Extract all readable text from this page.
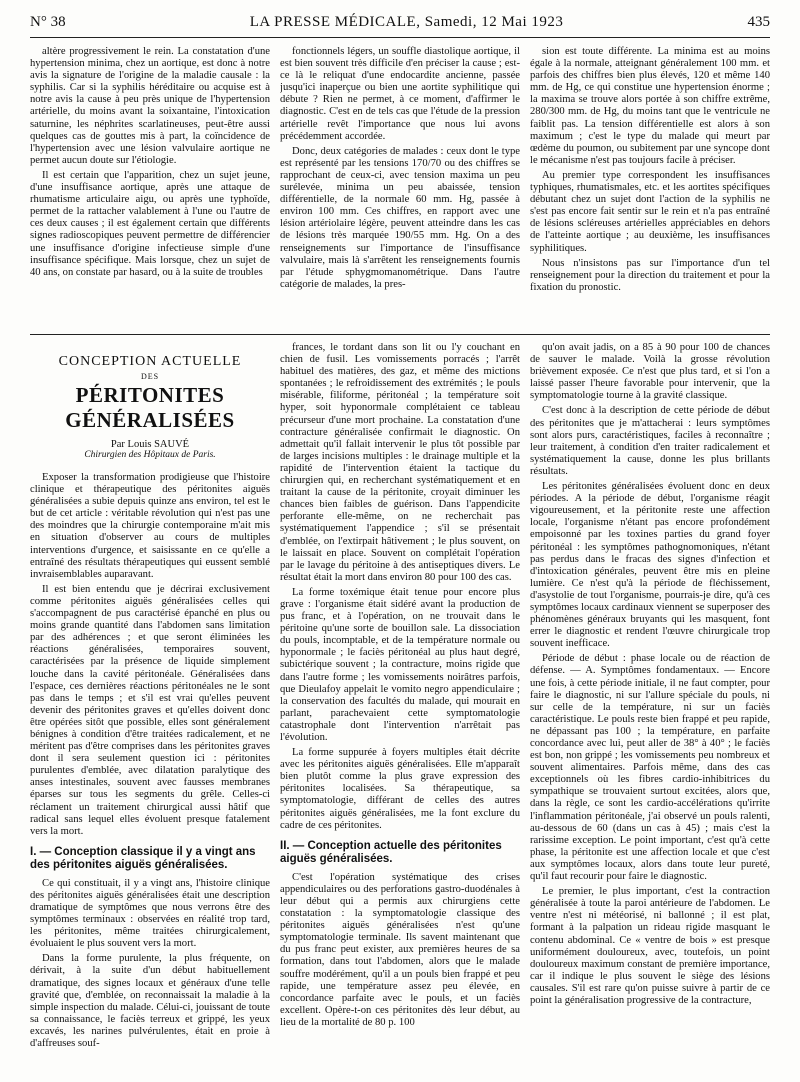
N° 38	LA PRESSE MÉDICALE, Samedi, 12 Mai 1923	435

altère progressivement le rein. La constatation d'une hypertension minima, chez un aortique, est donc à notre avis la signature de l'origine de la maladie causale : la syphilis. Car si la syphilis héréditaire ou acquise est à notre avis la cause à peu près unique de l'hypertension artérielle, du moins avant la soixantaine, l'intoxication saturnine, les néphrites scarlatineuses, peut-être aussi quelques cas de gouttes mis à part, la coïncidence de l'hypertension avec une lésion valvulaire aortique ne permet aucun doute sur l'étiologie.

Il est certain que l'apparition, chez un sujet jeune, d'une insuffisance aortique, après une attaque de rhumatisme articulaire aigu, ou après une typhoïde, permet de la rattacher valablement à l'une ou l'autre de ces deux causes ; il est également certain que différents signes radioscopiques peuvent permettre de différencier une insuffisance d'origine infectieuse simple d'une insuffisance spécifique. Mais lorsque, chez un sujet de 40 ans, on constate par hasard, ou à la suite de troubles

fonctionnels légers, un souffle diastolique aortique, il est bien souvent très difficile d'en préciser la cause ; est-ce là le reliquat d'une endocardite ancienne, passée jusqu'ici inaperçue ou bien une aortite syphilitique qui débute ? Rien ne permet, à ce moment, d'affirmer le diagnostic. C'est en de tels cas que l'étude de la pression artérielle revêt l'importance que nous lui avons précédemment accordée.

Donc, deux catégories de malades : ceux dont le type est représenté par les tensions 170/70 ou des chiffres se rapprochant de ceux-ci, avec tension maxima un peu surélevée, minima un peu abaissée, tension différentielle, de la normale 60 mm. Hg, passée à environ 100 mm. Ces chiffres, en rapport avec une lésion artériolaire légère, peuvent atteindre dans les cas de lésions très marquée 190/55 mm. Hg. On a des renseignements sur l'importance de l'insuffisance valvulaire, mais là s'arrêtent les renseignements fournis par l'étude sphygmomanométrique. Dans l'autre catégorie de malades, la pres-

sion est toute différente. La minima est au moins égale à la normale, atteignant généralement 100 mm. et parfois des chiffres bien plus élevés, 120 et même 140 mm. de Hg, ce qui constitue une hypertension énorme ; la maxima se trouve alors portée à son chiffre extrême, 280/300 mm. de Hg, du moins tant que le ventricule ne faiblit pas. La tension différentielle est alors à son maximum ; c'est le type du malade qui meurt par œdème du poumon, ou subitement par une syncope dont le mécanisme n'est pas toujours facile à préciser.

Au premier type correspondent les insuffisances typhiques, rhumatismales, etc. et les aortites spécifiques débutant chez un sujet dont l'action de la syphilis ne s'est pas encore fait sentir sur le rein et n'a pas entraîné de lésions scléreuses artérielles appréciables en dehors de l'atteinte aortique ; au deuxième, les insuffisances syphilitiques.

Nous n'insistons pas sur l'importance d'un tel renseignement pour la direction du traitement et pour la fixation du pronostic.

CONCEPTION ACTUELLE
DES
PÉRITONITES GÉNÉRALISÉES
Par Louis SAUVÉ
Chirurgien des Hôpitaux de Paris.

Exposer la transformation prodigieuse que l'histoire clinique et thérapeutique des péritonites aiguës généralisées a subie depuis quinze ans environ, tel est le but de cet article : véritable révolution qui n'est pas une des moindres que la chirurgie contemporaine m'ait mis en situation d'observer au cours de multiples interventions d'urgence, et saisissante en ce qu'elle a entraîné des résultats thérapeutiques qui eussent semblé invraisemblables auparavant.

Il est bien entendu que je décrirai exclusivement comme péritonites aiguës généralisées celles qui s'accompagnent de pus caractérisé épanché en plus ou moins grande quantité dans l'abdomen sans limitation par des adhérences ; et que seront éliminées les réactions généralisées, temporaires souvent, caractérisées par la présence de liquide simplement louche dans la cavité péritonéale. Généralisées dans l'espace, ces dernières réactions péritonéales ne le sont pas dans le temps ; et s'il est vrai qu'elles peuvent devenir des péritonites graves et qu'elles doivent donc être opérées sitôt que possible, elles sont généralement bénignes à condition d'être traitées radicalement, et ne méritent pas d'être comprises dans les péritonites graves dont il sera seulement question ici : péritonites purulentes d'emblée, avec dilatation paralytique des anses intestinales, souvent avec fausses membranes éparses sur tous les segments du grêle. Celles-ci réclament un traitement chirurgical aussi hâtif que radical sans lequel elles évoluent presque fatalement vers la mort.

I. — Conception classique il y a vingt ans des péritonites aiguës généralisées.

Ce qui constituait, il y a vingt ans, l'histoire clinique des péritonites aiguës généralisées était une description dramatique de symptômes que nous verrons être des symptômes terminaux : observées en réalité trop tard, les péritonites, même traitées chirurgicalement, évoluaient le plus souvent vers la mort.

Dans la forme purulente, la plus fréquente, on dérivait, à la suite d'un début habituellement dramatique, des signes locaux et généraux d'une telle gravité que, d'emblée, on reconnaissait la maladie à la simple inspection du malade. Célui-ci, jouissant de toute sa connaissance, le faciès terreux et grippé, les yeux excavés, les narines pulvérulentes, était en proie à d'affreuses souf-

frances, le tordant dans son lit ou l'y couchant en chien de fusil. Les vomissements porracés ; l'arrêt habituel des matières, des gaz, et même des mictions spontanées ; le refroidissement des extrémités ; le pouls misérable, filiforme, péritonéal ; la température soit hyper, soit hyponormale complétaient ce tableau précurseur d'une mort prochaine. La constatation d'une contracture généralisée confirmait le diagnostic. On admettait qu'il fallait intervenir le plus tôt possible par de larges incisions multiples : le drainage multiple et la rapidité de l'intervention étaient la tactique du chirurgien qui, en recherchant systématiquement et en traitant la cause de la péritonite, croyait diminuer les chances bien faibles de guérison. Dans l'appendicite perforante elle-même, on ne recherchait pas systématiquement l'appendice ; s'il se présentait d'emblée, on l'extirpait hâtivement ; le plus souvent, on le laissait en place. Souvent on complétait l'opération par le lavage du péritoine à des antiseptiques divers. Le résultat était la mort dans environ 80 pour 100 des cas.

La forme toxémique était tenue pour encore plus grave : l'organisme était sidéré avant la production de pus franc, et à l'opération, on ne trouvait dans le péritoine qu'une sorte de bouillon sale. La dissociation du pouls, incomptable, et de la température normale ou hyponormale ; le faciès péritonéal au plus haut degré, subictérique souvent ; la contracture, moins rigide que dans l'autre forme ; les vomissements noirâtres parfois, que Dieulafoy appelait le vomito negro appendiculaire ; la conservation des facultés du malade, qui mourait en parlant, parachevaient cette symptomatologie catastrophale dont l'intervention n'arrêtait pas l'évolution.

La forme suppurée à foyers multiples était décrite avec les péritonites aiguës généralisées. Elle m'apparaît bien plutôt comme la plus grave expression des péritonites localisées. Sa thérapeutique, sa symptomatologie, différant de celles des autres péritonites aiguës généralisées, me la font exclure du cadre de ces péritonites.

II. — Conception actuelle des péritonites aiguës généralisées.

C'est l'opération systématique des crises appendiculaires ou des perforations gastro-duodénales à leur début qui a permis aux chirurgiens cette constatation : la symptomatologie classique des péritonites aiguës généralisées n'est qu'une symptomatologie terminale. Ils savent maintenant que du pus franc peut exister, aux premières heures de sa formation, dans tout l'abdomen, alors que le malade souffre modérément, qu'il a un pouls bien frappé et peu rapide, une température assez peu élevée, en concordance parfaite avec le pouls, et un faciès excellent. Opère-t-on ces péritonites dès leur début, au lieu de la mortalité de 80 p. 100

qu'on avait jadis, on a 85 à 90 pour 100 de chances de sauver le malade. Voilà la grosse révolution brièvement exposée. Ce n'est que plus tard, et si l'on a laissé passer l'heure favorable pour intervenir, que la symptomatologie tourne à la gravité classique.

C'est donc à la description de cette période de début des péritonites que je m'attacherai : leurs symptômes sont alors purs, caractéristiques, faciles à reconnaître ; leur traitement, à condition d'en traiter radicalement et systématiquement la cause, donne les plus brillants résultats.

Les péritonites généralisées évoluent donc en deux périodes. A la période de début, l'organisme réagit vigoureusement, et la péritonite reste une affection locale, l'organisme n'étant pas encore profondément empoisonné par les toxines parties du grand foyer péritonéal : les symptômes pathognomoniques, n'étant pas perdus dans le fracas des signes d'infection et d'intoxication générales, peuvent être mis en pleine lumière. Ce n'est qu'à la période de fléchissement, d'asystolie de tout l'organisme, pourrais-je dire, qu'à ces symptômes locaux cardinaux viennent se superposer des phénomènes généraux bruyants qui les masquent, font errer le diagnostic et rendent l'œuvre chirurgicale trop souvent inefficace.

Période de début : phase locale ou de réaction de défense. — A. Symptômes fondamentaux. — Encore une fois, à cette période initiale, il ne faut compter, pour faire le diagnostic, ni sur l'allure spéciale du pouls, ni sur celle de la température, ni sur un faciès caractéristique. Le pouls reste bien frappé et peu rapide, ne dépassant pas 100 ; la température, en parfaite concordance avec lui, peut aller de 38° à 40° ; le faciès est bon, non grippé ; les vomissements peu nombreux et souvent alimentaires. Parfois même, dans des cas exceptionnels où les fibres cardio-inhibitrices du sympathique se trouvaient surtout excitées, alors que, dans la règle, ce sont les cardio-accélérations qu'irrite l'inflammation péritonéale, j'ai observé un pouls ralenti, au-dessous de 60 (dans un cas à 45) ; mais c'est la rarissime exception. Le point important, c'est qu'à cette phase, la péritonite est une affection locale et que c'est aux symptômes locaux, alors dans toute leur pureté, qu'il faut recourir pour faire le diagnostic.

Le premier, le plus important, c'est la contraction généralisée à toute la paroi antérieure de l'abdomen. Le ventre n'est ni météorisé, ni ballonné ; il est plat, formant à la palpation un rideau rigide masquant le contenu abdominal. Ce « ventre de bois » est presque uniformément douloureux, avec, toutefois, un point douloureux maximum constant de première importance, car il indique le plus souvent le siège des lésions causales. S'il est rare qu'on puisse suivre à partir de ce point la généralisation progressive de la contracture,
